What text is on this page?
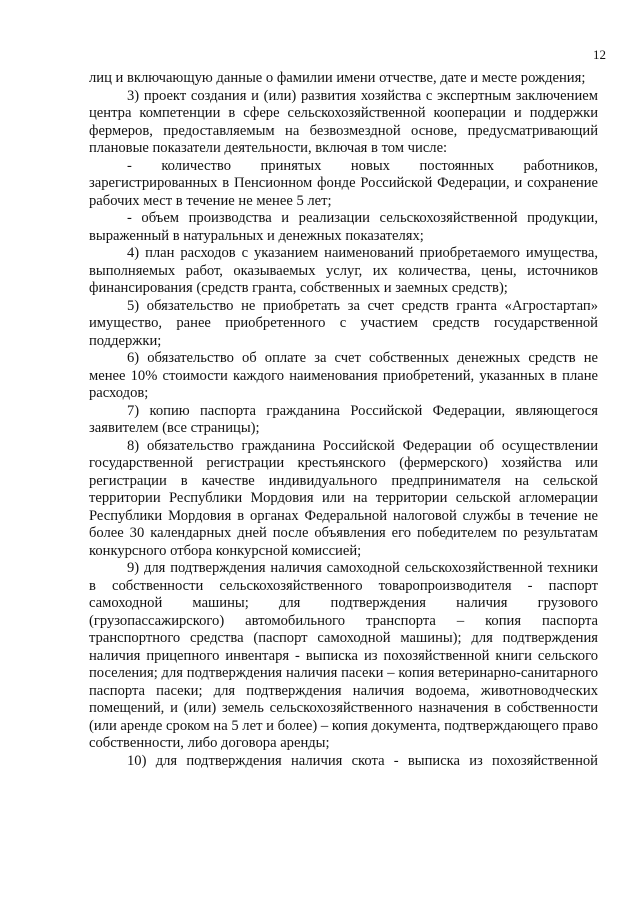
12

лиц и включающую данные о фамилии имени отчестве, дате и месте рождения;

3) проект создания и (или) развития хозяйства с экспертным заключением центра компетенции в сфере сельскохозяйственной кооперации и поддержки фермеров, предоставляемым на безвозмездной основе, предусматривающий плановые показатели деятельности, включая в том числе:

- количество принятых новых постоянных работников, зарегистрированных в Пенсионном фонде Российской Федерации, и сохранение рабочих мест в течение не менее 5 лет;

- объем производства и реализации сельскохозяйственной продукции, выраженный в натуральных и денежных показателях;

4) план расходов с указанием наименований приобретаемого имущества, выполняемых работ, оказываемых услуг, их количества, цены, источников финансирования (средств гранта, собственных и заемных средств);

5) обязательство не приобретать за счет средств гранта «Агростартап» имущество, ранее приобретенного с участием средств государственной поддержки;

6) обязательство об оплате за счет собственных денежных средств не менее 10% стоимости каждого наименования приобретений, указанных в плане расходов;

7) копию паспорта гражданина Российской Федерации, являющегося заявителем (все страницы);

8) обязательство гражданина Российской Федерации об осуществлении государственной регистрации крестьянского (фермерского) хозяйства или регистрации в качестве индивидуального предпринимателя на сельской территории Республики Мордовия или на территории сельской агломерации Республики Мордовия в органах Федеральной налоговой службы в течение не более 30 календарных дней после объявления его победителем по результатам конкурсного отбора конкурсной комиссией;

9) для подтверждения наличия самоходной сельскохозяйственной техники в собственности сельскохозяйственного товаропроизводителя - паспорт самоходной машины; для подтверждения наличия грузового (грузопассажирского) автомобильного транспорта – копия паспорта транспортного средства (паспорт самоходной машины); для подтверждения наличия прицепного инвентаря - выписка из похозяйственной книги сельского поселения; для подтверждения наличия пасеки – копия ветеринарно-санитарного паспорта пасеки; для подтверждения наличия водоема, животноводческих помещений, и (или) земель сельскохозяйственного назначения в собственности (или аренде сроком на 5 лет и более) – копия документа, подтверждающего право собственности, либо договора аренды;

10) для подтверждения наличия скота - выписка из похозяйственной
